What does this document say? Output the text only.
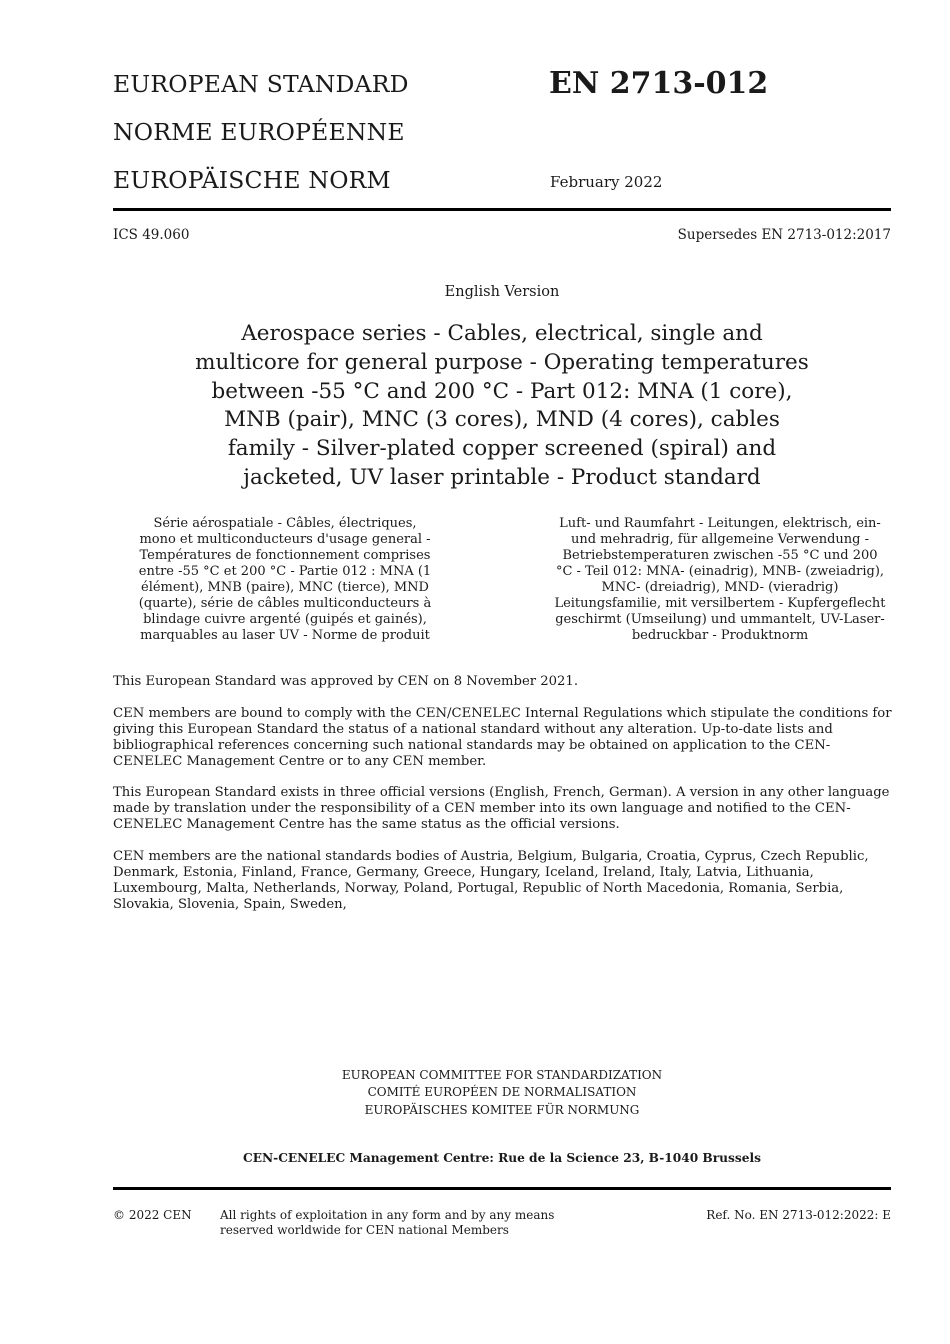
EUROPEAN STANDARD
NORME EUROPÉENNE
EUROPÄISCHE NORM
EN 2713-012
February 2022
ICS 49.060	Supersedes EN 2713-012:2017
English Version
Aerospace series - Cables, electrical, single and multicore for general purpose - Operating temperatures between -55 °C and 200 °C - Part 012: MNA (1 core), MNB (pair), MNC (3 cores), MND (4 cores), cables family - Silver-plated copper screened (spiral) and jacketed, UV laser printable - Product standard
Série aérospatiale - Câbles, électriques, mono et multiconducteurs d'usage general - Températures de fonctionnement comprises entre -55 °C et 200 °C - Partie 012 : MNA (1 élément), MNB (paire), MNC (tierce), MND (quarte), série de câbles multiconducteurs à blindage cuivre argenté (guipés et gainés), marquables au laser UV - Norme de produit
Luft- und Raumfahrt - Leitungen, elektrisch, ein- und mehradrig, für allgemeine Verwendung - Betriebstemperaturen zwischen -55 °C und 200 °C - Teil 012: MNA- (einadrig), MNB- (zweiadrig), MNC- (dreiadrig), MND- (vieradrig) Leitungsfamilie, mit versilbertem - Kupfergeflecht geschirmt (Umseilung) und ummantelt, UV-Laser-bedruckbar - Produktnorm
This European Standard was approved by CEN on 8 November 2021.
CEN members are bound to comply with the CEN/CENELEC Internal Regulations which stipulate the conditions for giving this European Standard the status of a national standard without any alteration. Up-to-date lists and bibliographical references concerning such national standards may be obtained on application to the CEN-CENELEC Management Centre or to any CEN member.
This European Standard exists in three official versions (English, French, German). A version in any other language made by translation under the responsibility of a CEN member into its own language and notified to the CEN-CENELEC Management Centre has the same status as the official versions.
CEN members are the national standards bodies of Austria, Belgium, Bulgaria, Croatia, Cyprus, Czech Republic, Denmark, Estonia, Finland, France, Germany, Greece, Hungary, Iceland, Ireland, Italy, Latvia, Lithuania, Luxembourg, Malta, Netherlands, Norway, Poland, Portugal, Republic of North Macedonia, Romania, Serbia, Slovakia, Slovenia, Spain, Sweden,
EUROPEAN COMMITTEE FOR STANDARDIZATION
COMITÉ EUROPÉEN DE NORMALISATION
EUROPÄISCHES KOMITEE FÜR NORMUNG
CEN-CENELEC Management Centre: Rue de la Science 23, B-1040 Brussels
© 2022 CEN All rights of exploitation in any form and by any means reserved worldwide for CEN national Members
Ref. No. EN 2713-012:2022: E
